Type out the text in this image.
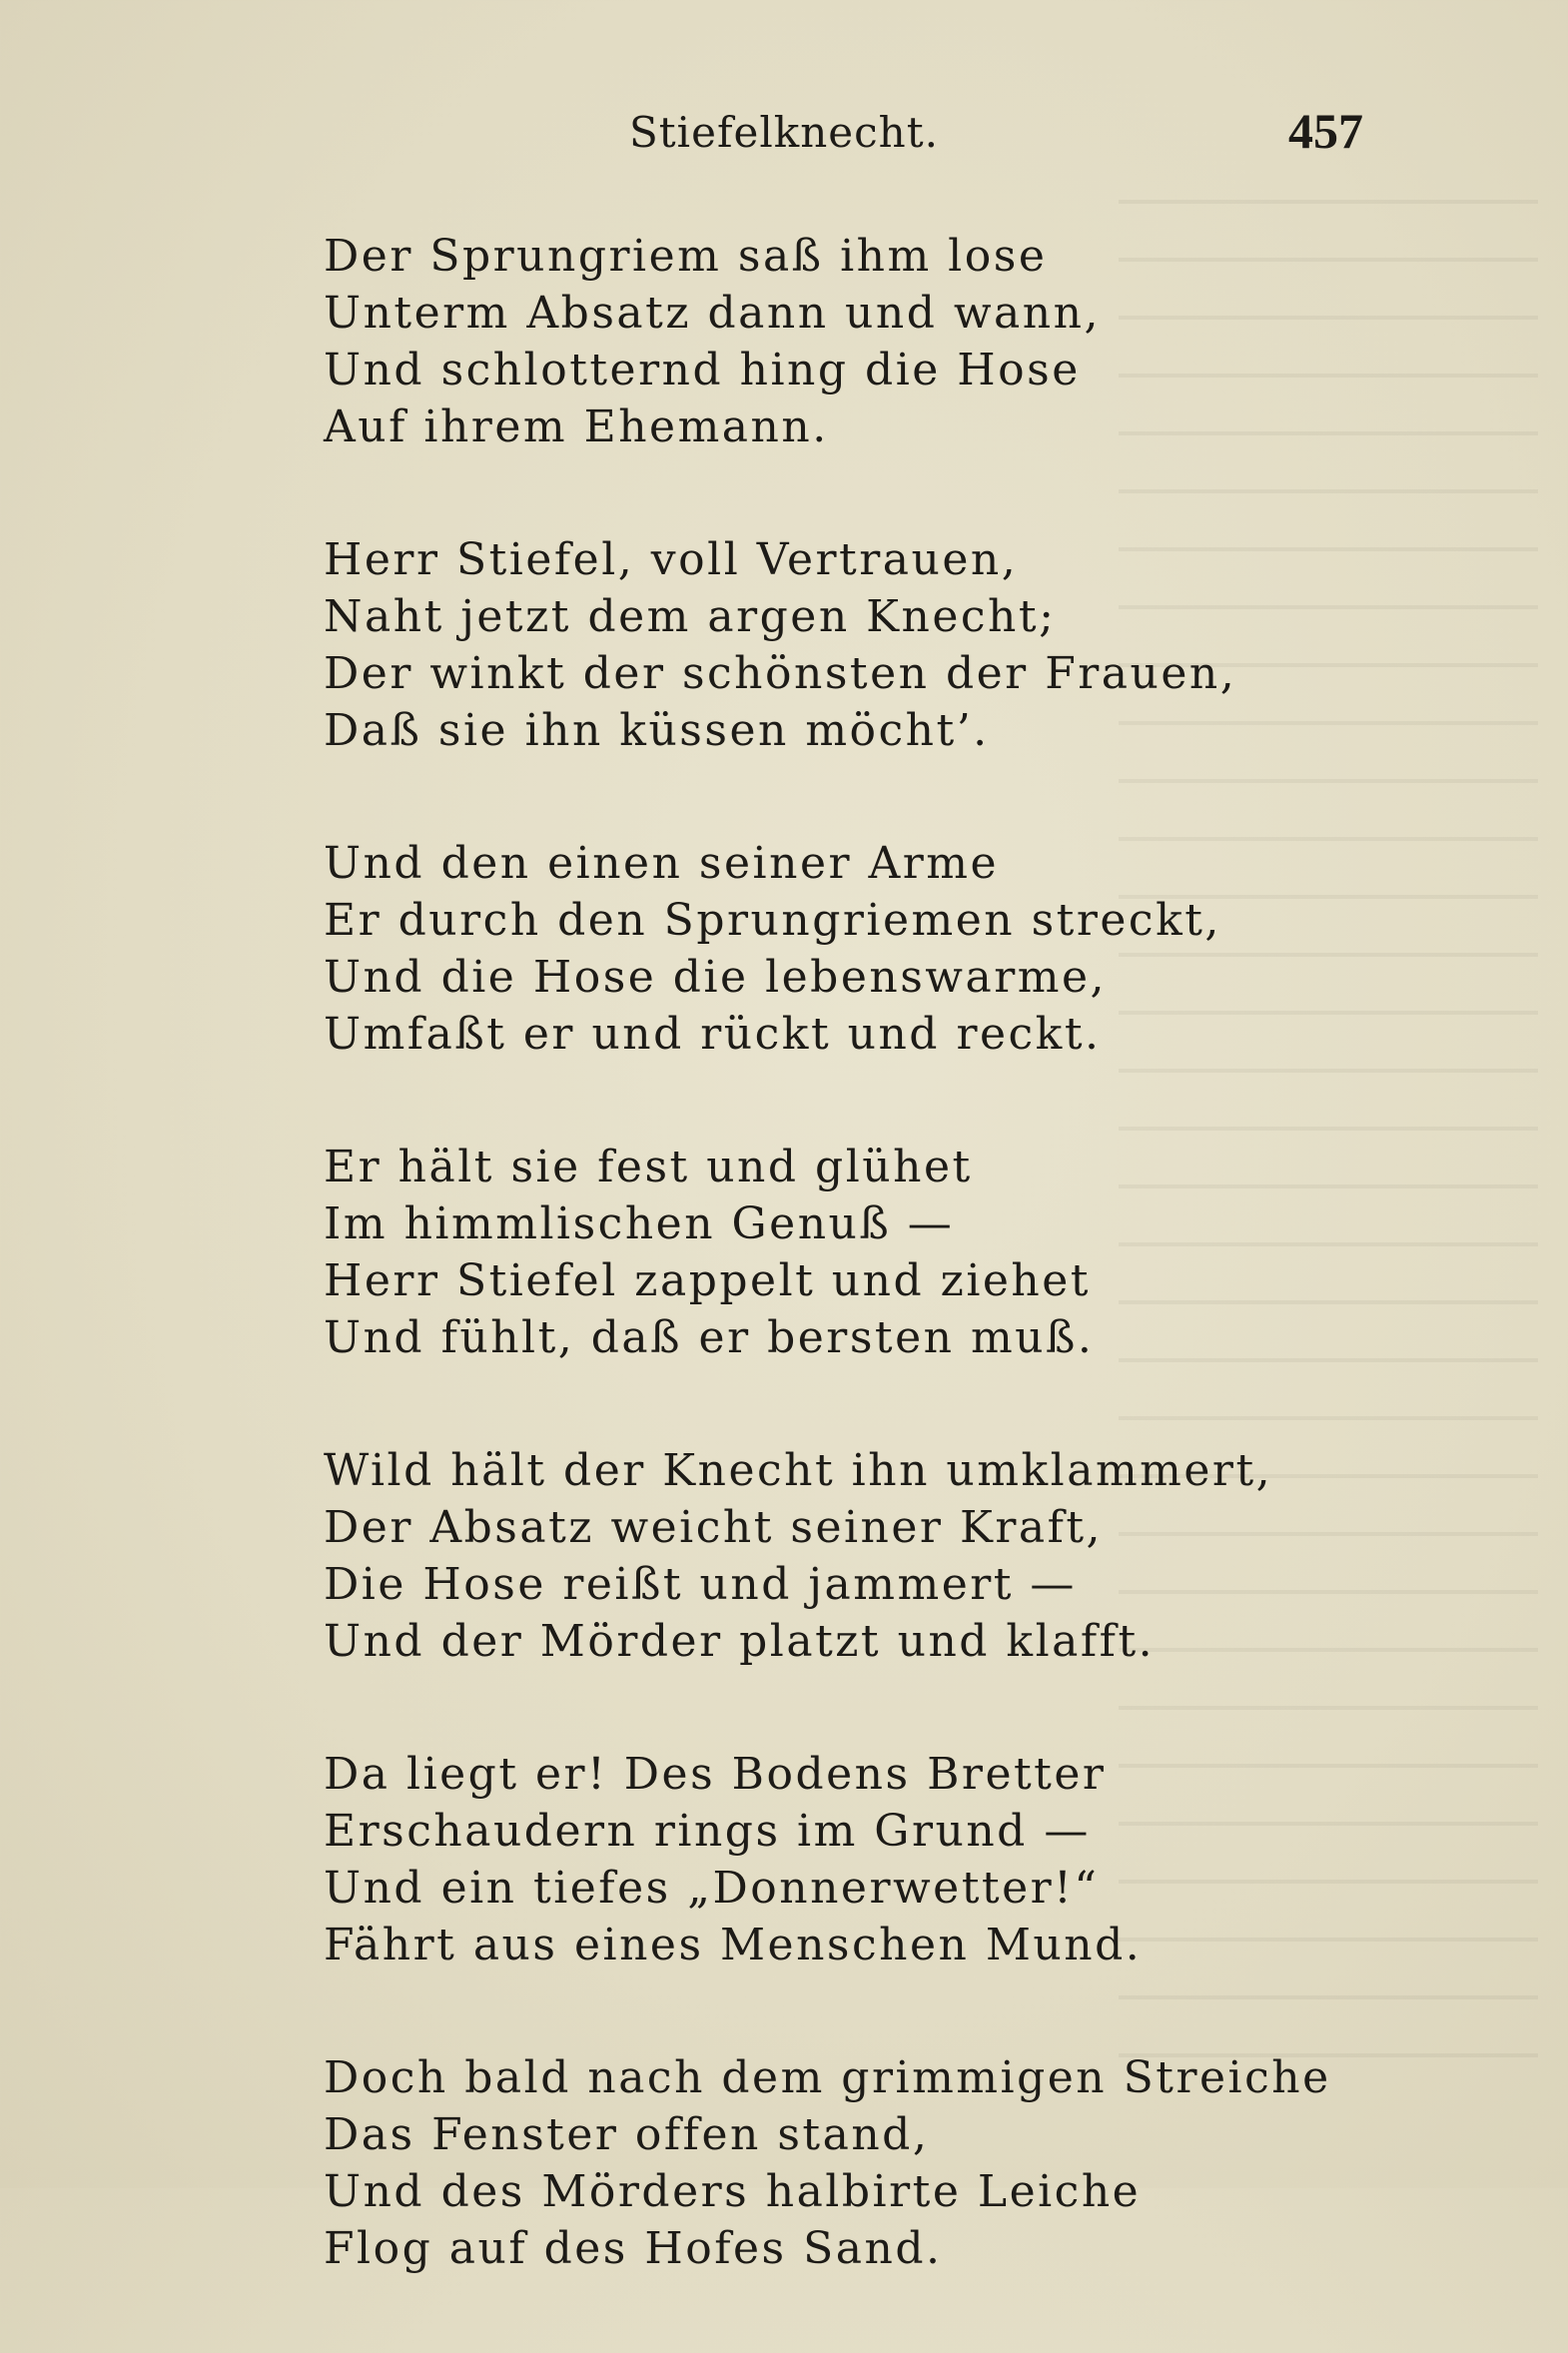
Stiefelknecht.	457
Der Sprungriem saß ihm lose
Unterm Absatz dann und wann,
Und schlotternd hing die Hose
Auf ihrem Ehemann.
Herr Stiefel, voll Vertrauen,
Naht jetzt dem argen Knecht;
Der winkt der schönsten der Frauen,
Daß sie ihn küssen möcht’.
Und den einen seiner Arme
Er durch den Sprungriemen streckt,
Und die Hose die lebenswarme,
Umfaßt er und rückt und reckt.
Er hält sie fest und glühet
Im himmlischen Genuß —
Herr Stiefel zappelt und ziehet
Und fühlt, daß er bersten muß.
Wild hält der Knecht ihn umklammert,
Der Absatz weicht seiner Kraft,
Die Hose reißt und jammert —
Und der Mörder platzt und klafft.
Da liegt er! Des Bodens Bretter
Erschaudern rings im Grund —
Und ein tiefes „Donnerwetter!“
Fährt aus eines Menschen Mund.
Doch bald nach dem grimmigen Streiche
Das Fenster offen stand,
Und des Mörders halbirte Leiche
Flog auf des Hofes Sand.
